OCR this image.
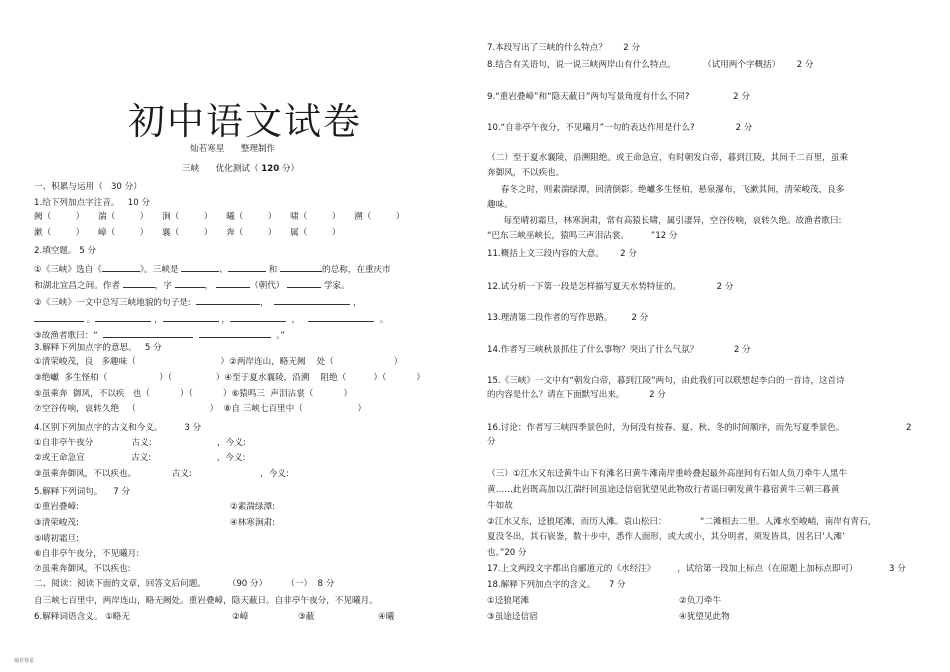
初中语文试卷
灿若寒星      整理制作
三峡      优化测试（ 120 分）
一、积累与运用（   30 分）
1.给下列加点字注音。   10 分
阙（         ）     湍（         ）     涧（         ）     曦（         ）     啸（         ）     溯（         ）
漱（         ）     嶂（         ）     襄（         ）     奔（         ）     属（         ）
2.填空题。 5 分
①《三峡》选自《	》。三峡是	、	和	的总称，在重庆市
和湖北宜昌之间。作者	，字	，	（朝代）	学家。
②《三峡》一文中总写三峡地貌的句子是:	，	，
。	，	，	，	。
③故渔者歌曰：“	。”
3.解释下列加点字的意思。   5 分
①清荣峻茂，良   多趣味（                               ）②两岸连山，略无阙    处（                      ）
③绝巘  多生怪柏（                   ）（                ）④至于夏水襄陵，沿溯    阻绝（          ）（           ）
⑤虽乘奔  御风，不以疾   也（           ）（           ）⑥猿鸣三  声泪沾裳（           ）
⑦空谷传响，哀转久绝   （                           ）  ⑧自 三峡七百里中（                    ）
4.区别下列加点字的古义和今义。        3 分
①自非亭午夜分              古义:                        ，今义:
②或王命急宣                 古义:                        ，今义:
③虽乘奔御风，不以疾也。             古义:                         ，今义:
5.解释下列词句。    7 分
①重岩叠嶂:	②素湍绿潭:
③清荣峻茂:	④林寒涧肃:
⑤晴初霜旦:
⑥自非亭午夜分，不见曦月:
⑦虽乘奔御风，不以疾也:
二、阅读：阅读下面的文章，回答文后问题。        （90 分）       （一）  8 分
自三峡七百里中，两岸连山，略无阙处。重岩叠嶂，隐天蔽日。自非亭午夜分，不见曦月。
6.解释词语含义。 ①略无	②嶂	③蔽	④曦
7.本段写出了三峡的什么特点？      2 分
8.结合有关语句，说一说三峡两岸山有什么特点。          （试用两个字概括）      2 分
9.“重岩叠嶂”和“隐天蔽日”两句写景角度有什么不同?                2 分
10.“自非亭午夜分，不见曦月”一句的表达作用是什么?               2 分
（二）至于夏水襄陵，沿溯阻绝。或王命急宣，有时朝发白帝，暮到江陵，其间千二百里，虽乘
奔御风，不以疾也。
春冬之时，则素湍绿潭，回清倒影。绝巘多生怪柏，悬泉瀑布，飞漱其间，清荣峻茂，良多
趣味。
每至晴初霜旦，林寒涧肃，常有高猿长啸，属引凄异，空谷传响，哀转久绝。故渔者歌曰:
“巴东三峡巫峡长，猿鸣三声泪沾裳。        ”12 分
11.概括上文三段内容的大意。      2 分
12.试分析一下第一段是怎样描写夏天水势特征的。             2 分
13.理清第二段作者的写作思路。       2 分
14.作者写三峡秋景抓住了什么事物？突出了什么气氛？             2 分
15.《三峡》一文中有“朝发白帝，暮到江陵”两句，由此我们可以联想起李白的一首诗，这首诗
的内容是什么？请在下面默写出来。         2 分
16.讨论：作者写三峡四季景色时，为何没有按春、夏、秋、冬的时间顺序，而先写夏季景色。	2
分
（三）①江水又东迳黄牛山下有滩名曰黄牛滩南岸重岭叠起最外高崖间有石如人负刀牵牛人黑牛
黄……此岩既高加以江湍纡回虽途迳信宿犹望见此物故行者谣曰朝发黄牛暮宿黄牛三朝三暮黄
牛如故
②江水又东，迳狼尾滩，而历人滩。袁山松曰：	“二滩相去二里。人滩水至峻峭，南岸有青石，
夏没冬出，其石嵚崟，数十步中，悉作人面形，或大或小，其分明者，须发皆具，因名曰‘人滩’
也。”20 分
17.上文两段文字都出自郦道元的《水经注》        ，试给第一段加上标点（在原题上加标点即可）	3 分
18.解释下列加点字的含义。     7 分
①迳狼尾滩	②负刀牵牛
③虽途迳信宿	④犹望见此物
灿若寒星
